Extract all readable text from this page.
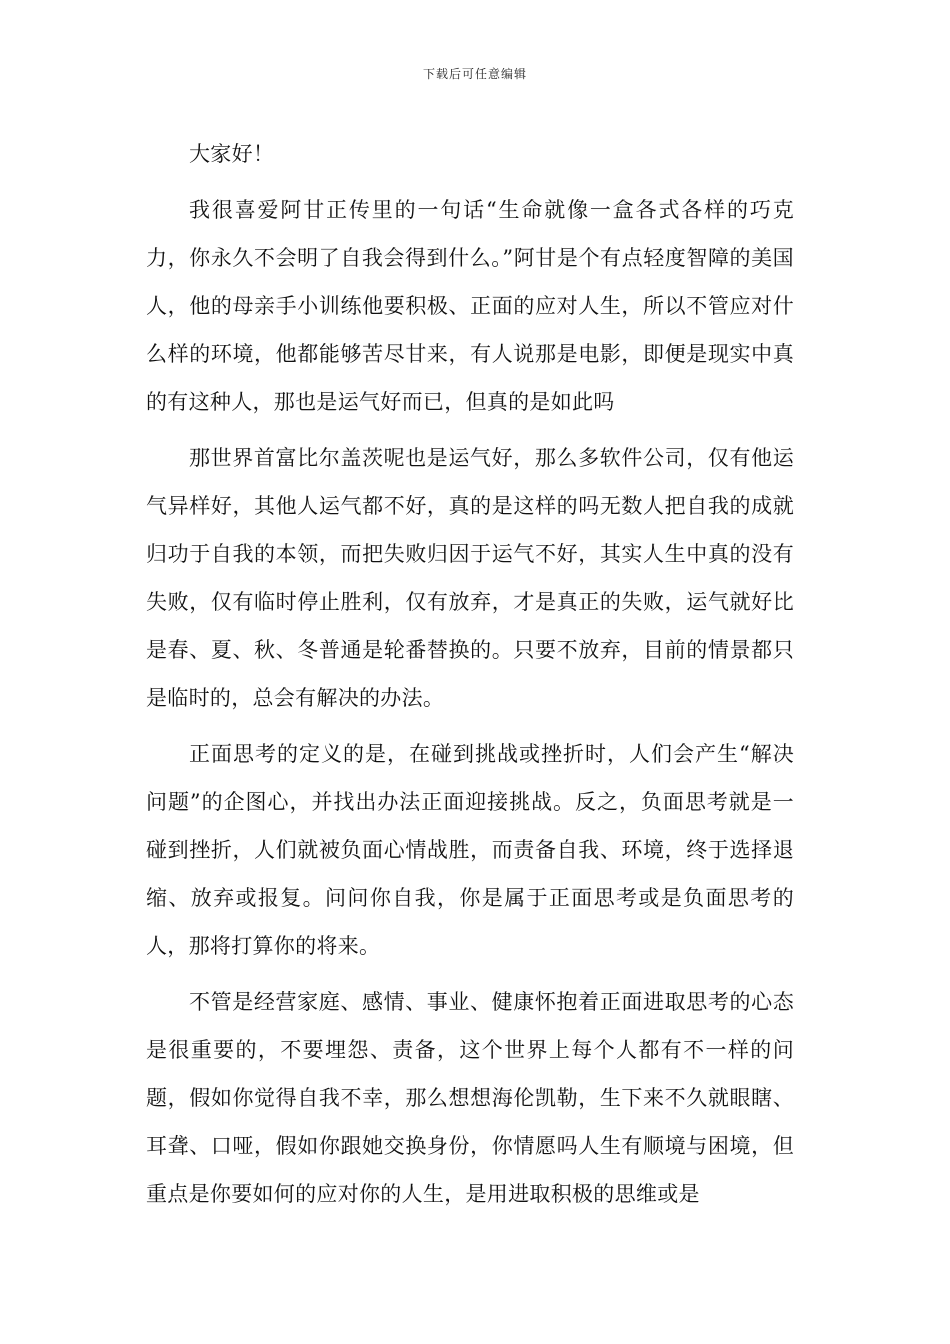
下载后可任意编辑

大家好！

我很喜爱阿甘正传里的一句话“生命就像一盒各式各样的巧克力，你永久不会明了自我会得到什么。”阿甘是个有点轻度智障的美国人，他的母亲手小训练他要积极、正面的应对人生，所以不管应对什么样的环境，他都能够苦尽甘来，有人说那是电影，即便是现实中真的有这种人，那也是运气好而已，但真的是如此吗

那世界首富比尔盖茨呢也是运气好，那么多软件公司，仅有他运气异样好，其他人运气都不好，真的是这样的吗无数人把自我的成就归功于自我的本领，而把失败归因于运气不好，其实人生中真的没有失败，仅有临时停止胜利，仅有放弃，才是真正的失败，运气就好比是春、夏、秋、冬普通是轮番替换的。只要不放弃，目前的情景都只是临时的，总会有解决的办法。

正面思考的定义的是，在碰到挑战或挫折时，人们会产生“解决问题”的企图心，并找出办法正面迎接挑战。反之，负面思考就是一碰到挫折，人们就被负面心情战胜，而责备自我、环境，终于选择退缩、放弃或报复。问问你自我，你是属于正面思考或是负面思考的人，那将打算你的将来。

不管是经营家庭、感情、事业、健康怀抱着正面进取思考的心态是很重要的，不要埋怨、责备，这个世界上每个人都有不一样的问题，假如你觉得自我不幸，那么想想海伦凯勒，生下来不久就眼瞎、耳聋、口哑，假如你跟她交换身份，你情愿吗人生有顺境与困境，但重点是你要如何的应对你的人生，是用进取积极的思维或是
